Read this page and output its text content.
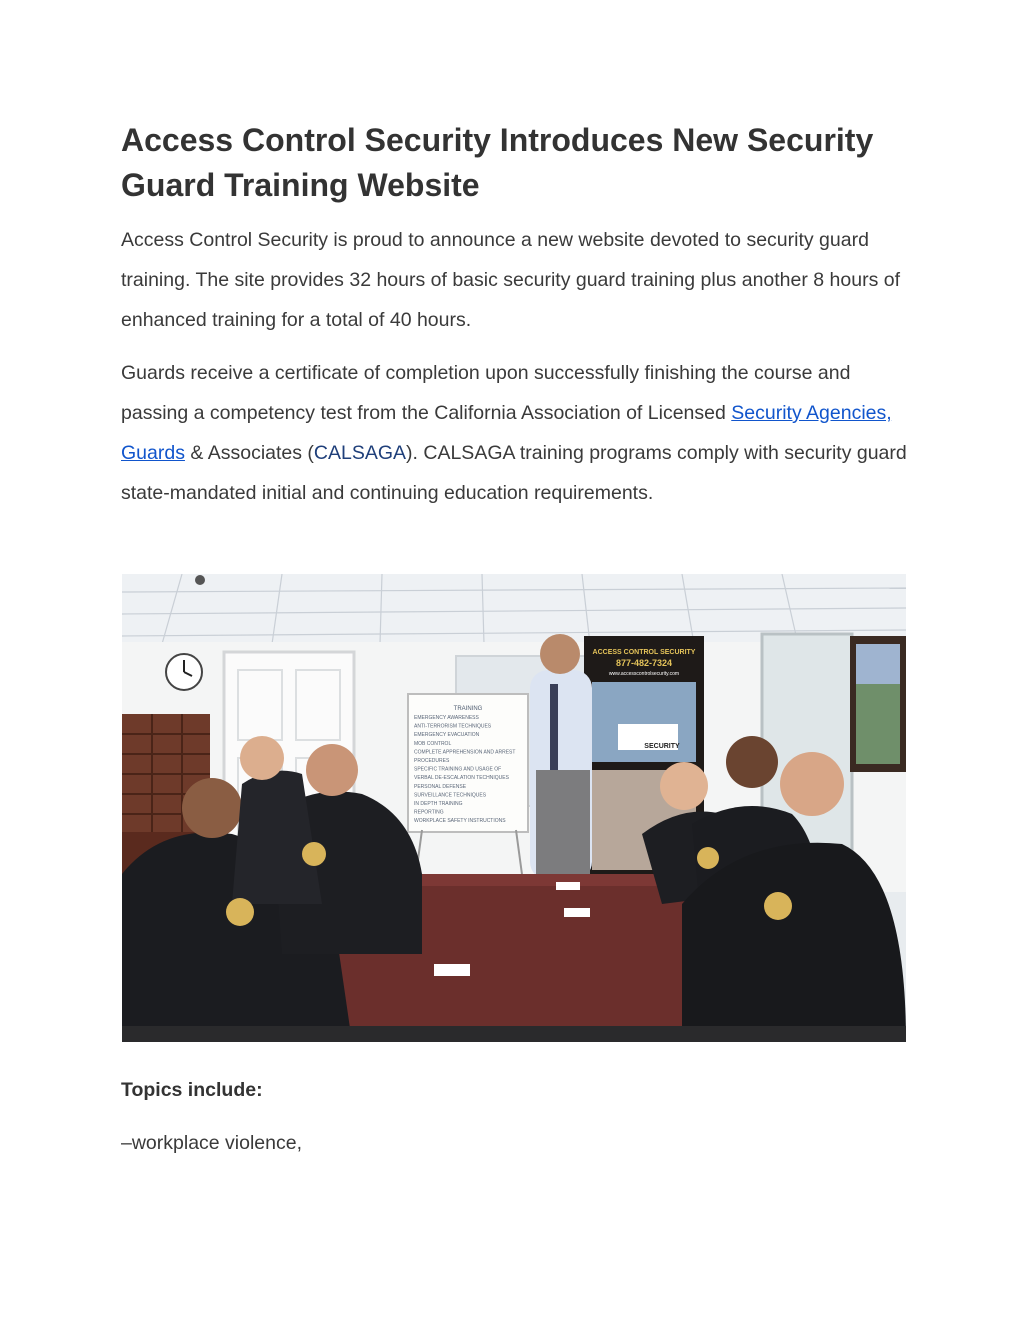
Access Control Security Introduces New Security Guard Training Website

Access Control Security is proud to announce a new website devoted to security guard training. The site provides 32 hours of basic security guard training plus another 8 hours of enhanced training for a total of 40 hours.

Guards receive a certificate of completion upon successfully finishing the course and passing a competency test from the California Association of Licensed Security Agencies, Guards & Associates (CALSAGA). CALSAGA training programs comply with security guard state-mandated initial and continuing education requirements.

ACCESS CONTROL SECURITY
877-482-7324
www.accesscontrolsecurity.com
SECURITY
TRAINING
EMERGENCY AWARENESS
ANTI-TERRORISM TECHNIQUES
EMERGENCY EVACUATION
MOB CONTROL
COMPLETE APPREHENSION AND ARREST
PROCEDURES
SPECIFIC TRAINING AND USAGE OF
VERBAL DE-ESCALATION TECHNIQUES
PERSONAL DEFENSE
SURVEILLANCE TECHNIQUES
IN DEPTH TRAINING
REPORTING
WORKPLACE SAFETY INSTRUCTIONS

Topics include:

–workplace violence,
